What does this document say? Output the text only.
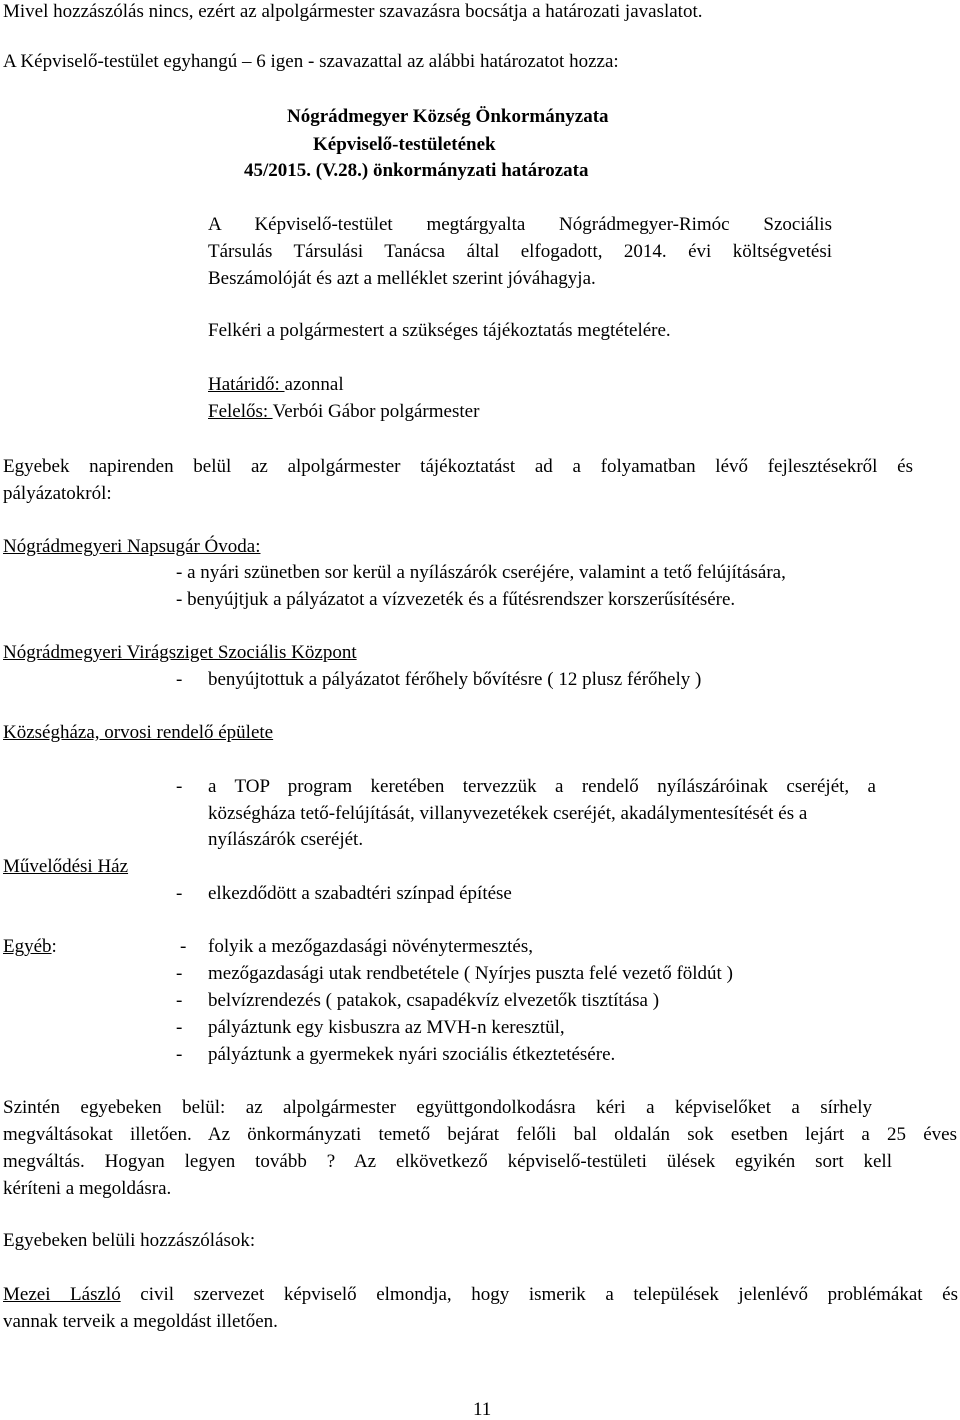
Mivel hozzászólás nincs, ezért az alpolgármester szavazásra bocsátja a határozati javaslatot.
A Képviselő-testület egyhangú – 6 igen - szavazattal az alábbi határozatot hozza:
Nógrádmegyer Község Önkormányzata
Képviselő-testületének
45/2015. (V.28.) önkormányzati határozata
A Képviselő-testület megtárgyalta Nógrádmegyer-Rimóc Szociális
Társulás Társulási Tanácsa által elfogadott, 2014. évi költségvetési
Beszámolóját és azt a melléklet szerint jóváhagyja.
Felkéri a polgármestert a szükséges tájékoztatás megtételére.
Határidő: azonnal
Felelős: Verbói Gábor polgármester
Egyebek napirenden belül az alpolgármester tájékoztatást ad a folyamatban lévő fejlesztésekről és
pályázatokról:
Nógrádmegyeri Napsugár Óvoda:
- a nyári szünetben sor kerül a nyílászárók cseréjére, valamint a tető felújítására,
- benyújtjuk a pályázatot a vízvezeték és a fűtésrendszer korszerűsítésére.
Nógrádmegyeri Virágsziget Szociális Központ
- benyújtottuk a pályázatot férőhely bővítésre ( 12 plusz férőhely )
Községháza, orvosi rendelő épülete
- a TOP program keretében tervezzük a rendelő nyílászáróinak cseréjét, a
községháza tető-felújítását, villanyvezetékek cseréjét, akadálymentesítését és a
nyílászárók cseréjét.
Művelődési Ház
- elkezdődött a szabadtéri színpad építése
Egyéb:	- folyik a mezőgazdasági növénytermesztés,
- mezőgazdasági utak rendbetétele ( Nyírjes puszta felé vezető földút )
- belvízrendezés ( patakok, csapadékvíz elvezetők tisztítása )
- pályáztunk egy kisbuszra az MVH-n keresztül,
- pályáztunk a gyermekek nyári szociális étkeztetésére.
Szintén egyebeken belül: az alpolgármester együttgondolkodásra kéri a képviselőket a sírhely
megváltásokat illetően. Az önkormányzati temető bejárat felőli bal oldalán sok esetben lejárt a 25 éves
megváltás. Hogyan legyen tovább ? Az elkövetkező képviselő-testületi ülések egyikén sort kell
kéríteni a megoldásra.
Egyebeken belüli hozzászólások:
Mezei László civil szervezet képviselő elmondja, hogy ismerik a települések jelenlévő problémákat és
vannak terveik a megoldást illetően.
11
